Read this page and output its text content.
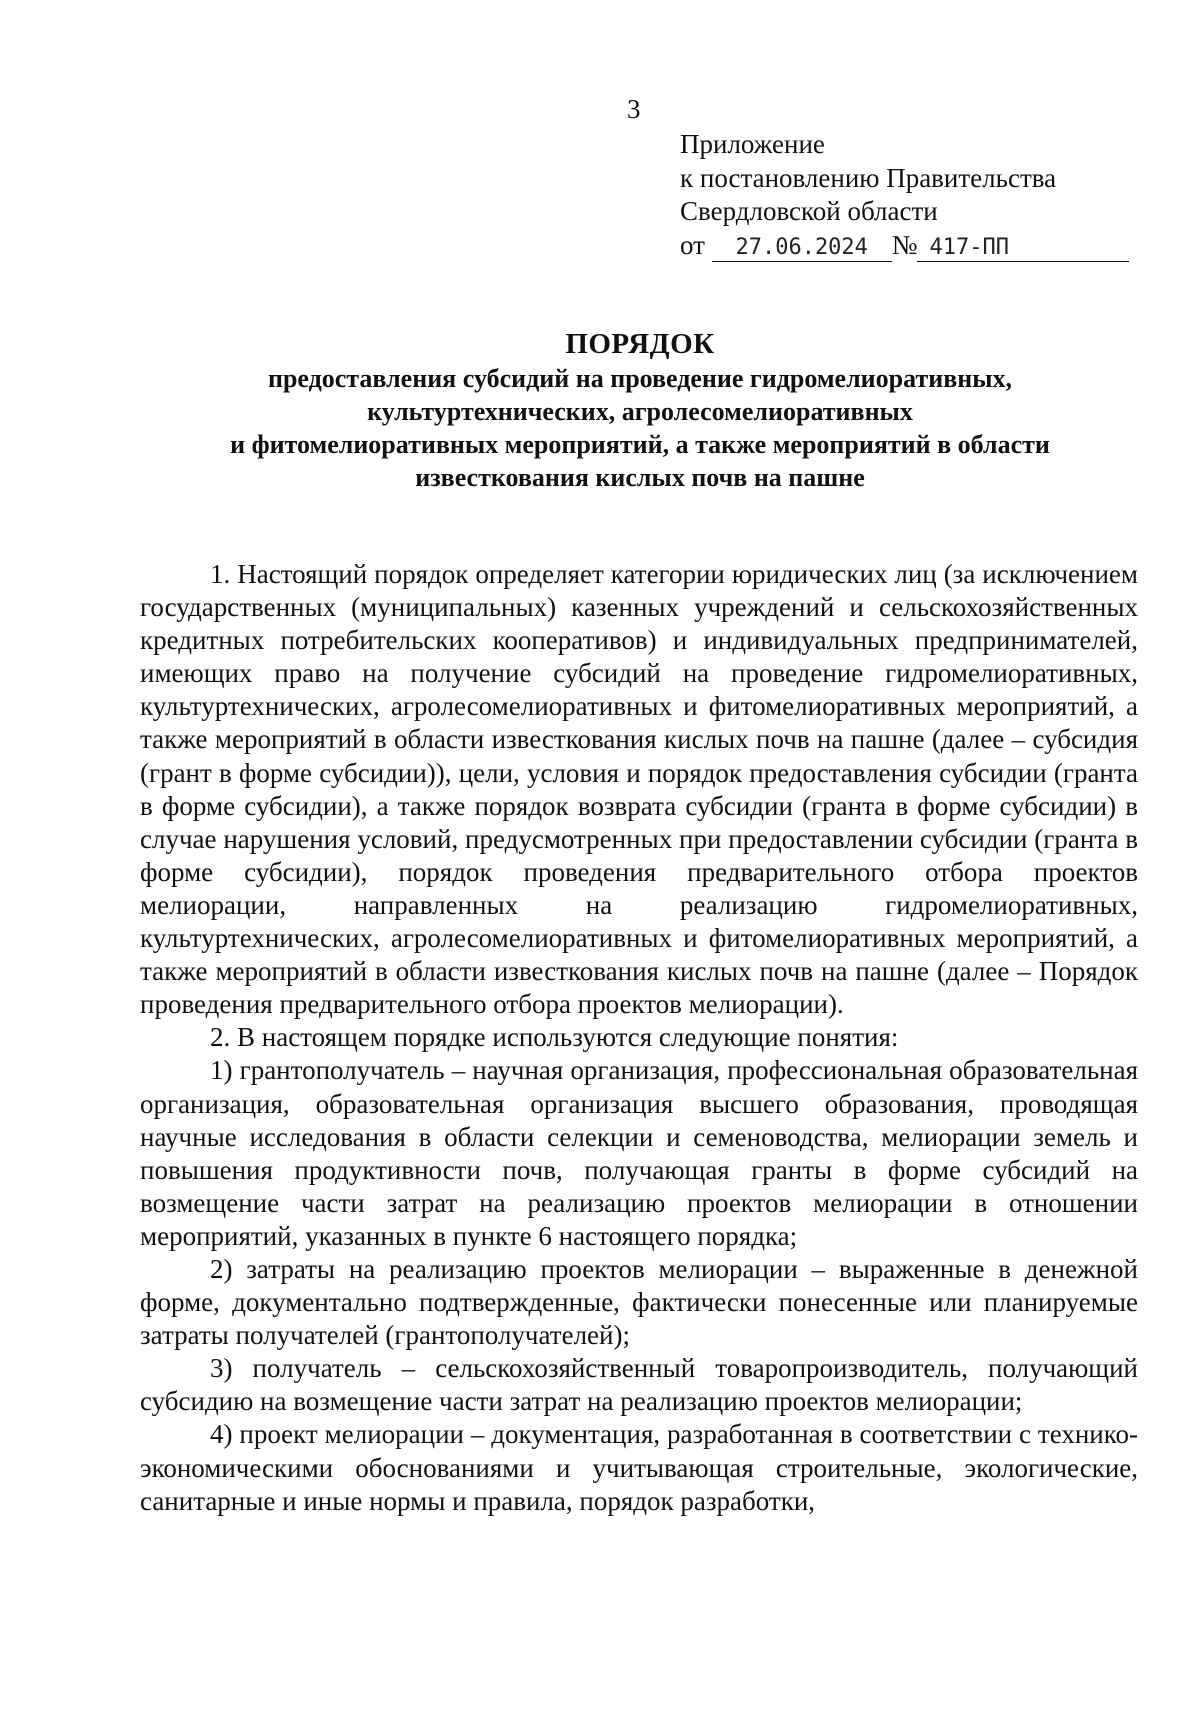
3
Приложение
к постановлению Правительства
Свердловской области
от 27.06.2024 № 417-ПП
ПОРЯДОК
предоставления субсидий на проведение гидромелиоративных,
культуртехнических, агролесомелиоративных
и фитомелиоративных мероприятий, а также мероприятий в области
известкования кислых почв на пашне

1. Настоящий порядок определяет категории юридических лиц (за исключением государственных (муниципальных) казенных учреждений и сельскохозяйственных кредитных потребительских кооперативов) и индивидуальных предпринимателей, имеющих право на получение субсидий на проведение гидромелиоративных, культуртехнических, агролесомелиоративных и фитомелиоративных мероприятий, а также мероприятий в области известкования кислых почв на пашне (далее – субсидия (грант в форме субсидии)), цели, условия и порядок предоставления субсидии (гранта в форме субсидии), а также порядок возврата субсидии (гранта в форме субсидии) в случае нарушения условий, предусмотренных при предоставлении субсидии (гранта в форме субсидии), порядок проведения предварительного отбора проектов мелиорации, направленных на реализацию гидромелиоративных, культуртехнических, агролесомелиоративных и фитомелиоративных мероприятий, а также мероприятий в области известкования кислых почв на пашне (далее – Порядок проведения предварительного отбора проектов мелиорации).

2. В настоящем порядке используются следующие понятия:

1) грантополучатель – научная организация, профессиональная образовательная организация, образовательная организация высшего образования, проводящая научные исследования в области селекции и семеноводства, мелиорации земель и повышения продуктивности почв, получающая гранты в форме субсидий на возмещение части затрат на реализацию проектов мелиорации в отношении мероприятий, указанных в пункте 6 настоящего порядка;

2) затраты на реализацию проектов мелиорации – выраженные в денежной форме, документально подтвержденные, фактически понесенные или планируемые затраты получателей (грантополучателей);

3) получатель – сельскохозяйственный товаропроизводитель, получающий субсидию на возмещение части затрат на реализацию проектов мелиорации;

4) проект мелиорации – документация, разработанная в соответствии с технико-экономическими обоснованиями и учитывающая строительные, экологические, санитарные и иные нормы и правила, порядок разработки,
